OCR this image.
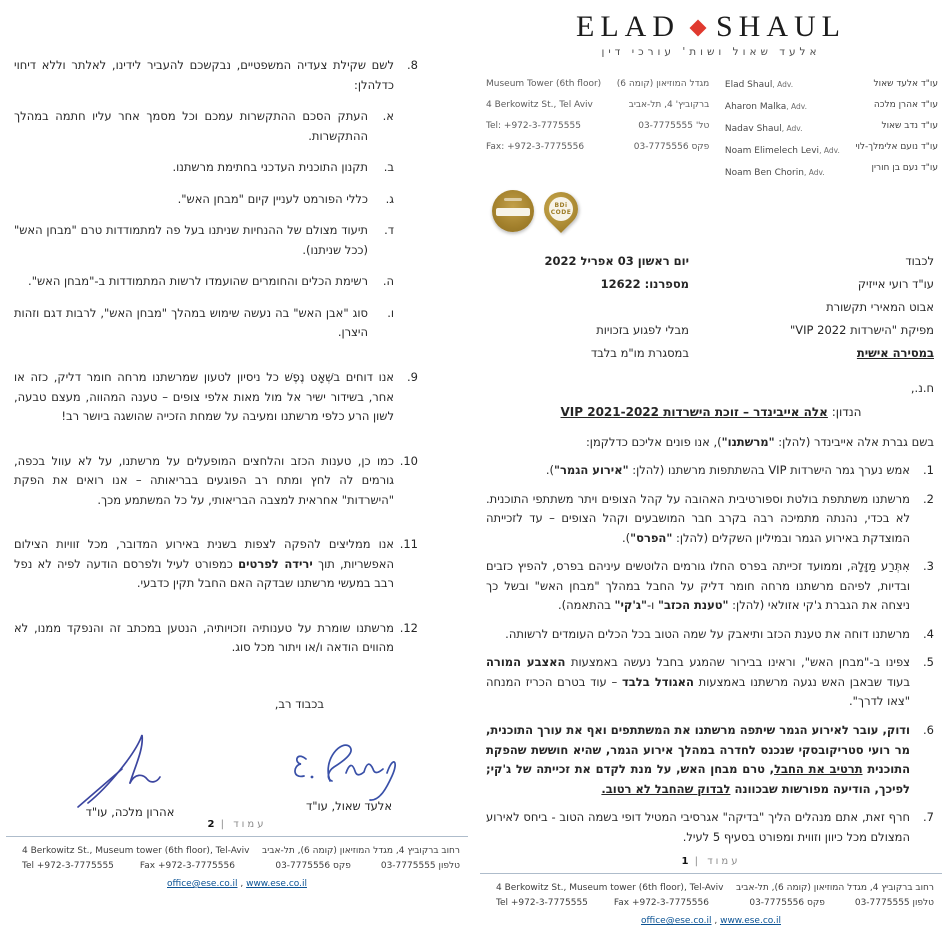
8.
לשם שקילת צעדיה המשפטיים, נבקשכם להעביר לידינו, לאלתר וללא דיחוי כדלהלן:
א.
העתק הסכם ההתקשרות עמכם וכל מסמך אחר עליו חתמה במהלך ההתקשרות.
ב.
תקנון התוכנית העדכני בחתימת מרשתנו.
ג.
כללי הפורמט לעניין קיום "מבחן האש".
ד.
תיעוד מצולם של ההנחיות שניתנו בעל פה למתמודדות טרם "מבחן האש" (ככל שניתנו).
ה.
רשימת הכלים והחומרים שהועמדו לרשות המתמודדות ב-"מבחן האש".
ו.
סוג "אבן האש" בה נעשה שימוש במהלך "מבחן האש", לרבות דגם וזהות היצרן.
9.
אנו דוחים בשְׁאָט נֶפֶשׁ כל ניסיון לטעון שמרשתנו מרחה חומר דליק, כזה או אחר, בשידור ישיר אל מול מאות אלפי צופים – טענה המהווה, מעצם טבעה, לשון הרע כלפי מרשתנו ומעיבה על שמחת הזכייה שהושגה ביושר רב!
10.
כמו כן, טענות הכזב והלחצים המופעלים על מרשתנו, על לא עוול בכפה, גורמים לה לחץ ומתח רב הפוגעים בבריאותה – אנו רואים את הפקת "הישרדות" אחראית למצבה הבריאותי, על כל המשתמע מכך.
11.
אנו ממליצים להפקה לצפות בשנית באירוע המדובר, מכל זוויות הצילום האפשריות, תוך ירידה לפרטים כמפורט לעיל ולפרסם הודעה לפיה לא נפל רבב במעשי מרשתנו שבדקה האם החבל תקין כדבעי.
12.
מרשתנו שומרת על טענותיה וזכויותיה, הנטען במכתב זה והנפקד ממנו, לא מהווים הודאה ו/או ויתור מכל סוג.
בכבוד רב,
אלעד שאול, עו"ד
אהרון מלכה, עו"ד
עמוד | 2
4 Berkowitz St., Museum tower (6th floor), Tel-Aviv
Tel +972-3-7775555	Fax +972-3-7775556
רחוב ברקוביץ 4, מגדל המוזיאון (קומה 6), תל-אביב
טלפון 03-7775555
פקס 03-7775556
office@ese.co.il , www.ese.co.il
ELAD SHAUL
אלעד שאול ושות' עורכי דין
Museum Tower (6th floor)
4 Berkowitz St., Tel Aviv
Tel: +972-3-7775555
Fax: +972-3-7775556
מגדל המוזיאון (קומה 6)
ברקוביץ' 4, תל-אביב
טל' 03-7775555
פקס 03-7775556
Elad Shaul, Adv.
Aharon Malka, Adv.
Nadav Shaul, Adv.
Noam Elimelech Levi, Adv.
Noam Ben Chorin, Adv.
עו"ד אלעד שאול
עו"ד אהרן מלכה
עו"ד נדב שאול
עו"ד נועם אלימלך-לוי
עו"ד נעם בן חורין
BDi
CODE
לכבוד
עו"ד רועי אייזיק
אבוט המאירי תקשורת
מפיקת "הישרדות VIP 2022"
במסירה אישית
יום ראשון 03 אפריל 2022
מספרנו: 12622

מבלי לפגוע בזכויות
במסגרת מו"מ בלבד
ח.נ.,
הנדון: אלה אייבינדר – זוכת הישרדות VIP 2021-2022
בשם גברת אלה אייבינדר (להלן: "מרשתנו"), אנו פונים אליכם כדלקמן:
1.
אמש נערך גמר הישרדות VIP בהשתתפות מרשתנו (להלן: "אירוע הגמר").
2.
מרשתנו משתתפת בולטת וספורטיבית האהובה על קהל הצופים ויתר משתתפי התוכנית. לא בכדי, נהנתה מתמיכה רבה בקרב חבר המושבעים וקהל הצופים – עד לזכייתה המוצדקת באירוע הגמר ובמיליון השקלים (להלן: "הפרס").
3.
אִתְּרַע מַזָּלָהּ, וממועד זכייתה בפרס החלו גורמים הלוטשים עיניהם בפרס, להפיץ כזבים ובדיות, לפיהם מרשתנו מרחה חומר דליק על החבל במהלך "מבחן האש" ובשל כך ניצחה את הגברת ג'קי אזולאי (להלן: "טענת הכזב" ו-"ג'קי" בהתאמה).
4.
מרשתנו דוחה את טענת הכזב ותיאבק על שמה הטוב בכל הכלים העומדים לרשותה.
5.
צפינו ב-"מבחן האש", וראינו בבירור שהמגע בחבל נעשה באמצעות האצבע המורה בעוד שבאבן האש נגעה מרשתנו באמצעות האגודל בלבד – עוד בטרם הכריז המנחה "צאו לדרך".
6.
ודוק, עובר לאירוע הגמר שיתפה מרשתנו את המשתתפים ואף את עורך התוכנית, מר רועי סטריקובסקי שנכנס לחדרה במהלך אירוע הגמר, שהיא חוששת שהפקת התוכנית תרטיב את החבל, טרם מבחן האש, על מנת לקדם את זכייתה של ג'קי; לפיכך, הודיעה מפורשות שבכוונה לבדוק שהחבל לא רטוב.
7.
חרף זאת, אתם מנהלים הליך "בדיקה" אגרסיבי המטיל דופי בשמה הטוב - ביחס לאירוע המצולם מכל כיוון וזווית ומפורט בסעיף 5 לעיל.
עמוד | 1
4 Berkowitz St., Museum tower (6th floor), Tel-Aviv
Tel +972-3-7775555	Fax +972-3-7775556
רחוב ברקוביץ 4, מגדל המוזיאון (קומה 6), תל-אביב
טלפון 03-7775555
פקס 03-7775556
office@ese.co.il , www.ese.co.il
